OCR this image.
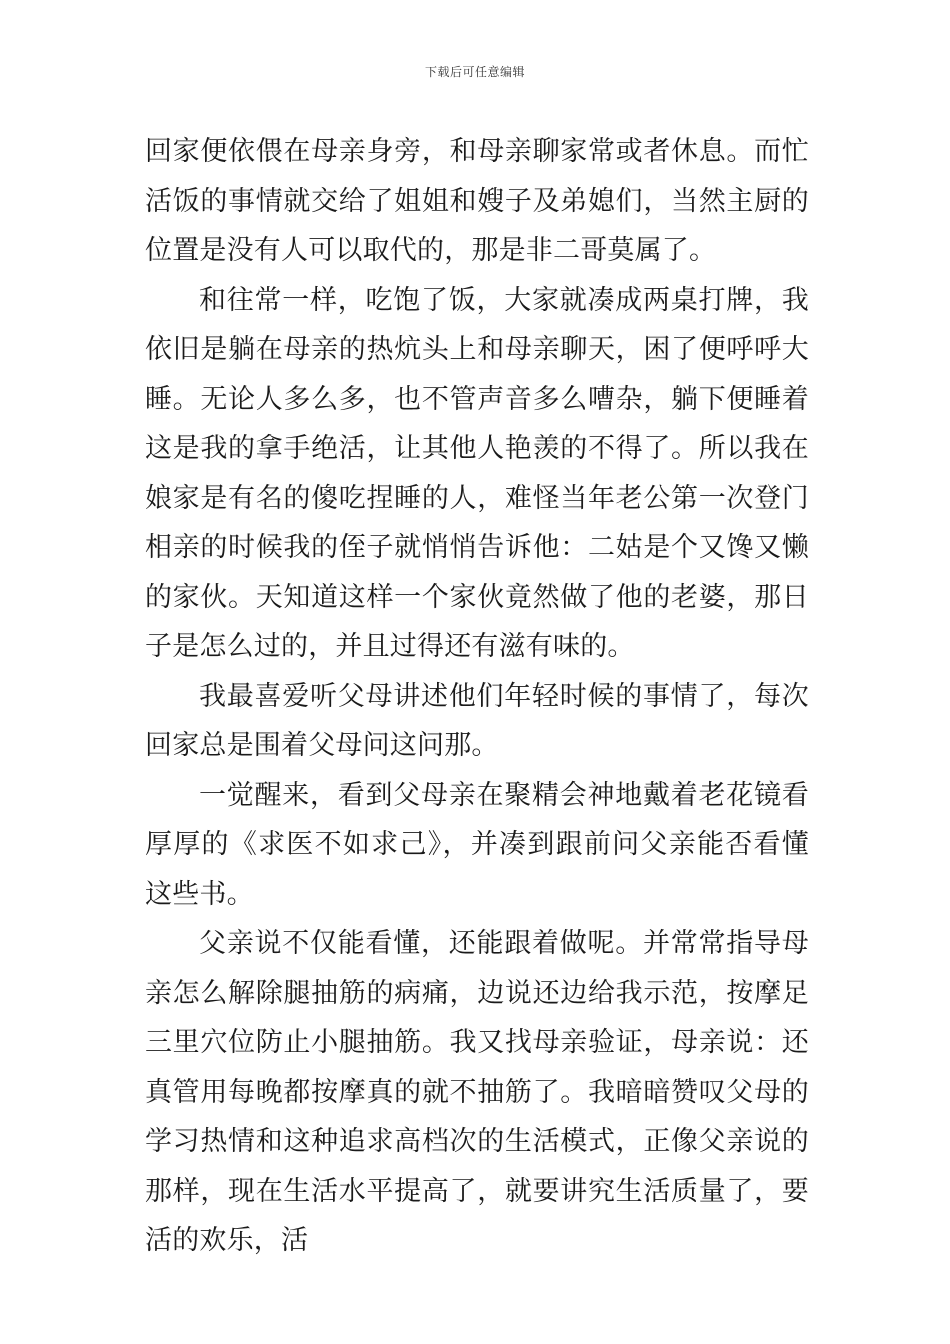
下载后可任意编辑

回家便依偎在母亲身旁，和母亲聊家常或者休息。而忙活饭的事情就交给了姐姐和嫂子及弟媳们，当然主厨的位置是没有人可以取代的，那是非二哥莫属了。

和往常一样，吃饱了饭，大家就凑成两桌打牌，我依旧是躺在母亲的热炕头上和母亲聊天，困了便呼呼大睡。无论人多么多，也不管声音多么嘈杂，躺下便睡着这是我的拿手绝活，让其他人艳羡的不得了。所以我在娘家是有名的傻吃捏睡的人，难怪当年老公第一次登门相亲的时候我的侄子就悄悄告诉他：二姑是个又馋又懒的家伙。天知道这样一个家伙竟然做了他的老婆，那日子是怎么过的，并且过得还有滋有味的。

我最喜爱听父母讲述他们年轻时候的事情了，每次回家总是围着父母问这问那。

一觉醒来，看到父母亲在聚精会神地戴着老花镜看厚厚的《求医不如求己》，并凑到跟前问父亲能否看懂这些书。

父亲说不仅能看懂，还能跟着做呢。并常常指导母亲怎么解除腿抽筋的病痛，边说还边给我示范，按摩足三里穴位防止小腿抽筋。我又找母亲验证，母亲说：还真管用每晚都按摩真的就不抽筋了。我暗暗赞叹父母的学习热情和这种追求高档次的生活模式，正像父亲说的那样，现在生活水平提高了，就要讲究生活质量了，要活的欢乐，活
